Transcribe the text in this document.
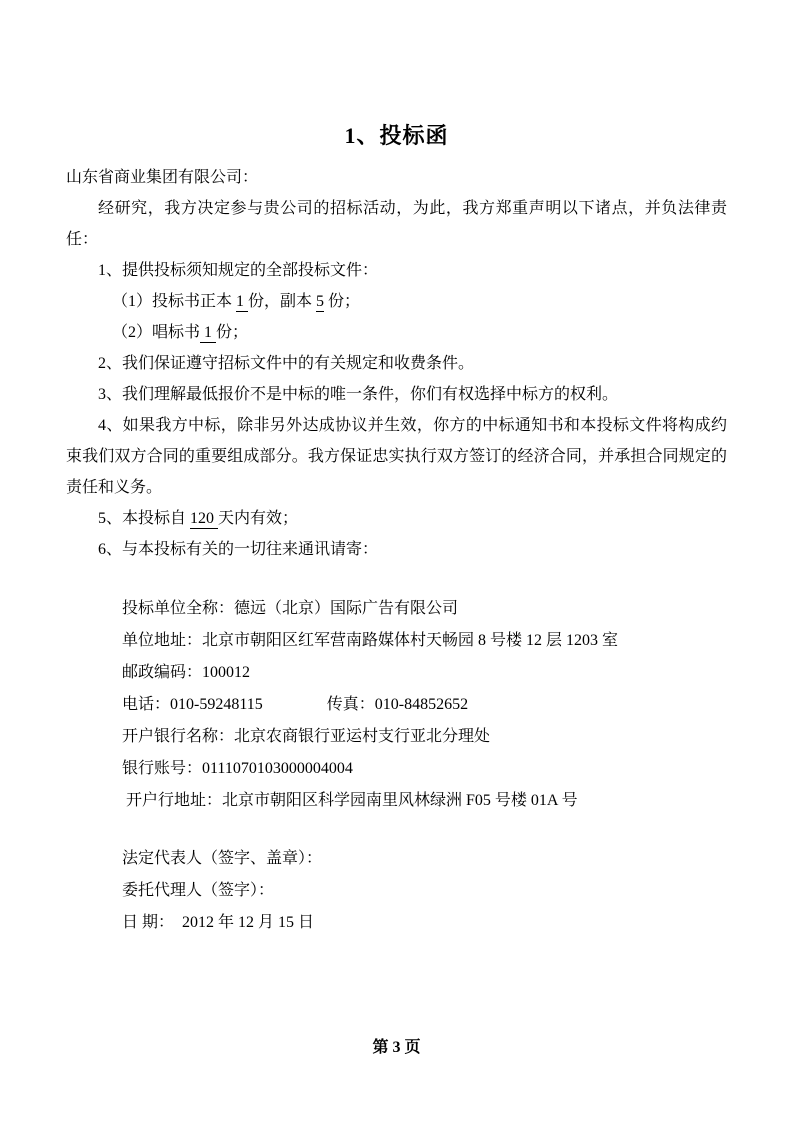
1、投标函
山东省商业集团有限公司：
经研究，我方决定参与贵公司的招标活动，为此，我方郑重声明以下诸点，并负法律责
任：
1、提供投标须知规定的全部投标文件：
（1）投标书正本 1 份，副本 5 份；
（2）唱标书 1 份；
2、我们保证遵守招标文件中的有关规定和收费条件。
3、我们理解最低报价不是中标的唯一条件，你们有权选择中标方的权利。
4、如果我方中标，除非另外达成协议并生效，你方的中标通知书和本投标文件将构成约
束我们双方合同的重要组成部分。我方保证忠实执行双方签订的经济合同，并承担合同规定的
责任和义务。
5、本投标自 120 天内有效；
6、与本投标有关的一切往来通讯请寄：
投标单位全称：德远（北京）国际广告有限公司
单位地址：北京市朝阳区红军营南路媒体村天畅园 8 号楼 12 层 1203 室
邮政编码：100012
电话：010-59248115　　　　传真：010-84852652
开户银行名称：北京农商银行亚运村支行亚北分理处
银行账号：0111070103000004004
开户行地址：北京市朝阳区科学园南里风林绿洲 F05 号楼 01A 号
法定代表人（签字、盖章）：
委托代理人（签字）：
日 期：  2012 年 12 月 15 日
第 3 页
